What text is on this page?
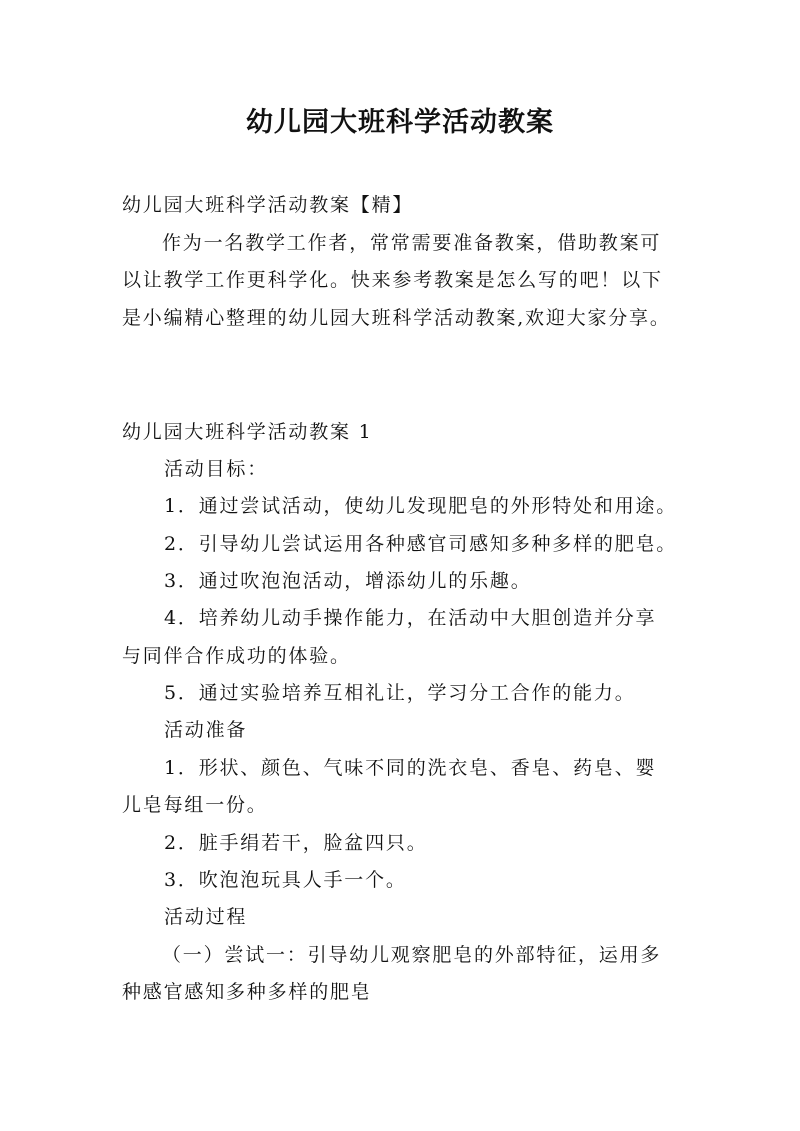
幼儿园大班科学活动教案
幼儿园大班科学活动教案【精】
作为一名教学工作者，常常需要准备教案，借助教案可
以让教学工作更科学化。快来参考教案是怎么写的吧！以下
是小编精心整理的幼儿园大班科学活动教案,欢迎大家分享。
幼儿园大班科学活动教案 1
活动目标：
1．通过尝试活动，使幼儿发现肥皂的外形特处和用途。
2．引导幼儿尝试运用各种感官司感知多种多样的肥皂。
3．通过吹泡泡活动，增添幼儿的乐趣。
4．培养幼儿动手操作能力，在活动中大胆创造并分享
与同伴合作成功的体验。
5．通过实验培养互相礼让，学习分工合作的能力。
活动准备
1．形状、颜色、气味不同的洗衣皂、香皂、药皂、婴
儿皂每组一份。
2．脏手绢若干，脸盆四只。
3．吹泡泡玩具人手一个。
活动过程
（一）尝试一：引导幼儿观察肥皂的外部特征，运用多
种感官感知多种多样的肥皂
